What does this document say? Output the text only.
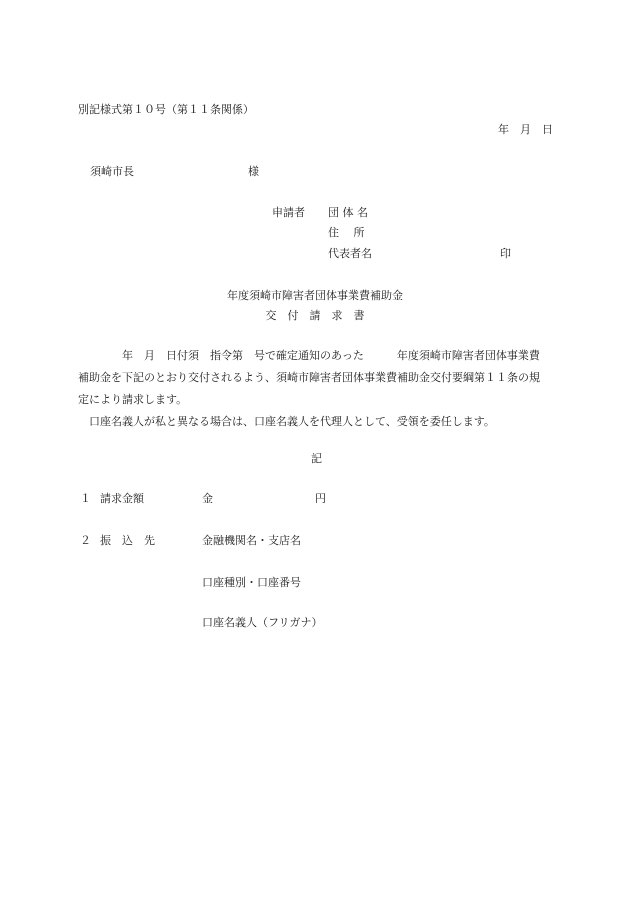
別記様式第１０号（第１１条関係）
年　月　日
須崎市長	様
申請者 団 体 名
住　 所
代表者名	印
年度須崎市障害者団体事業費補助金
交　付　請　求　書

　　　　年　月　日付須　指令第　号で確定通知のあった　　　年度須崎市障害者団体事業費

補助金を下記のとおり交付されるよう、須崎市障害者団体事業費補助金交付要綱第１１条の規

定により請求します。

　口座名義人が私と異なる場合は、口座名義人を代理人として、受領を委任します。

記
１ 請求金額	金	円
２ 振　込　先	金融機関名・支店名
口座種別・口座番号
口座名義人（フリガナ）
